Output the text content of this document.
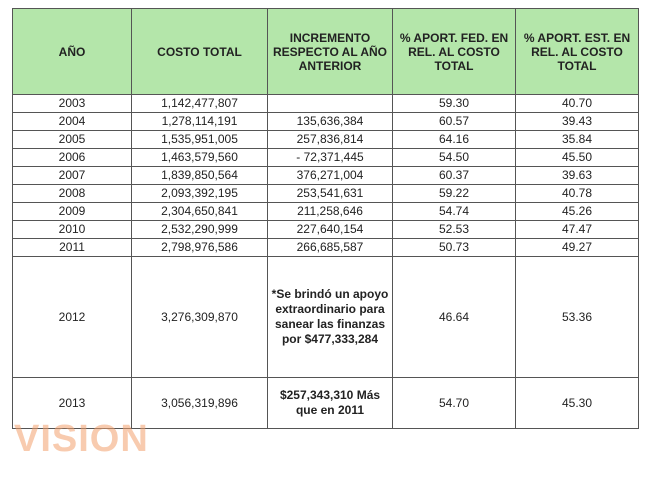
AÑO	COSTO TOTAL	INCREMENTO RESPECTO AL AÑO ANTERIOR	% APORT. FED. EN REL. AL COSTO TOTAL	% APORT. EST. EN REL. AL COSTO TOTAL
2003	1,142,477,807		59.30	40.70
2004	1,278,114,191	135,636,384	60.57	39.43
2005	1,535,951,005	257,836,814	64.16	35.84
2006	1,463,579,560	- 72,371,445	54.50	45.50
2007	1,839,850,564	376,271,004	60.37	39.63
2008	2,093,392,195	253,541,631	59.22	40.78
2009	2,304,650,841	211,258,646	54.74	45.26
2010	2,532,290,999	227,640,154	52.53	47.47
2011	2,798,976,586	266,685,587	50.73	49.27
2012	3,276,309,870	*Se brindó un apoyo extraordinario para sanear las finanzas por $477,333,284	46.64	53.36
2013	3,056,319,896	$257,343,310 Más que en 2011	54.70	45.30
VISION
